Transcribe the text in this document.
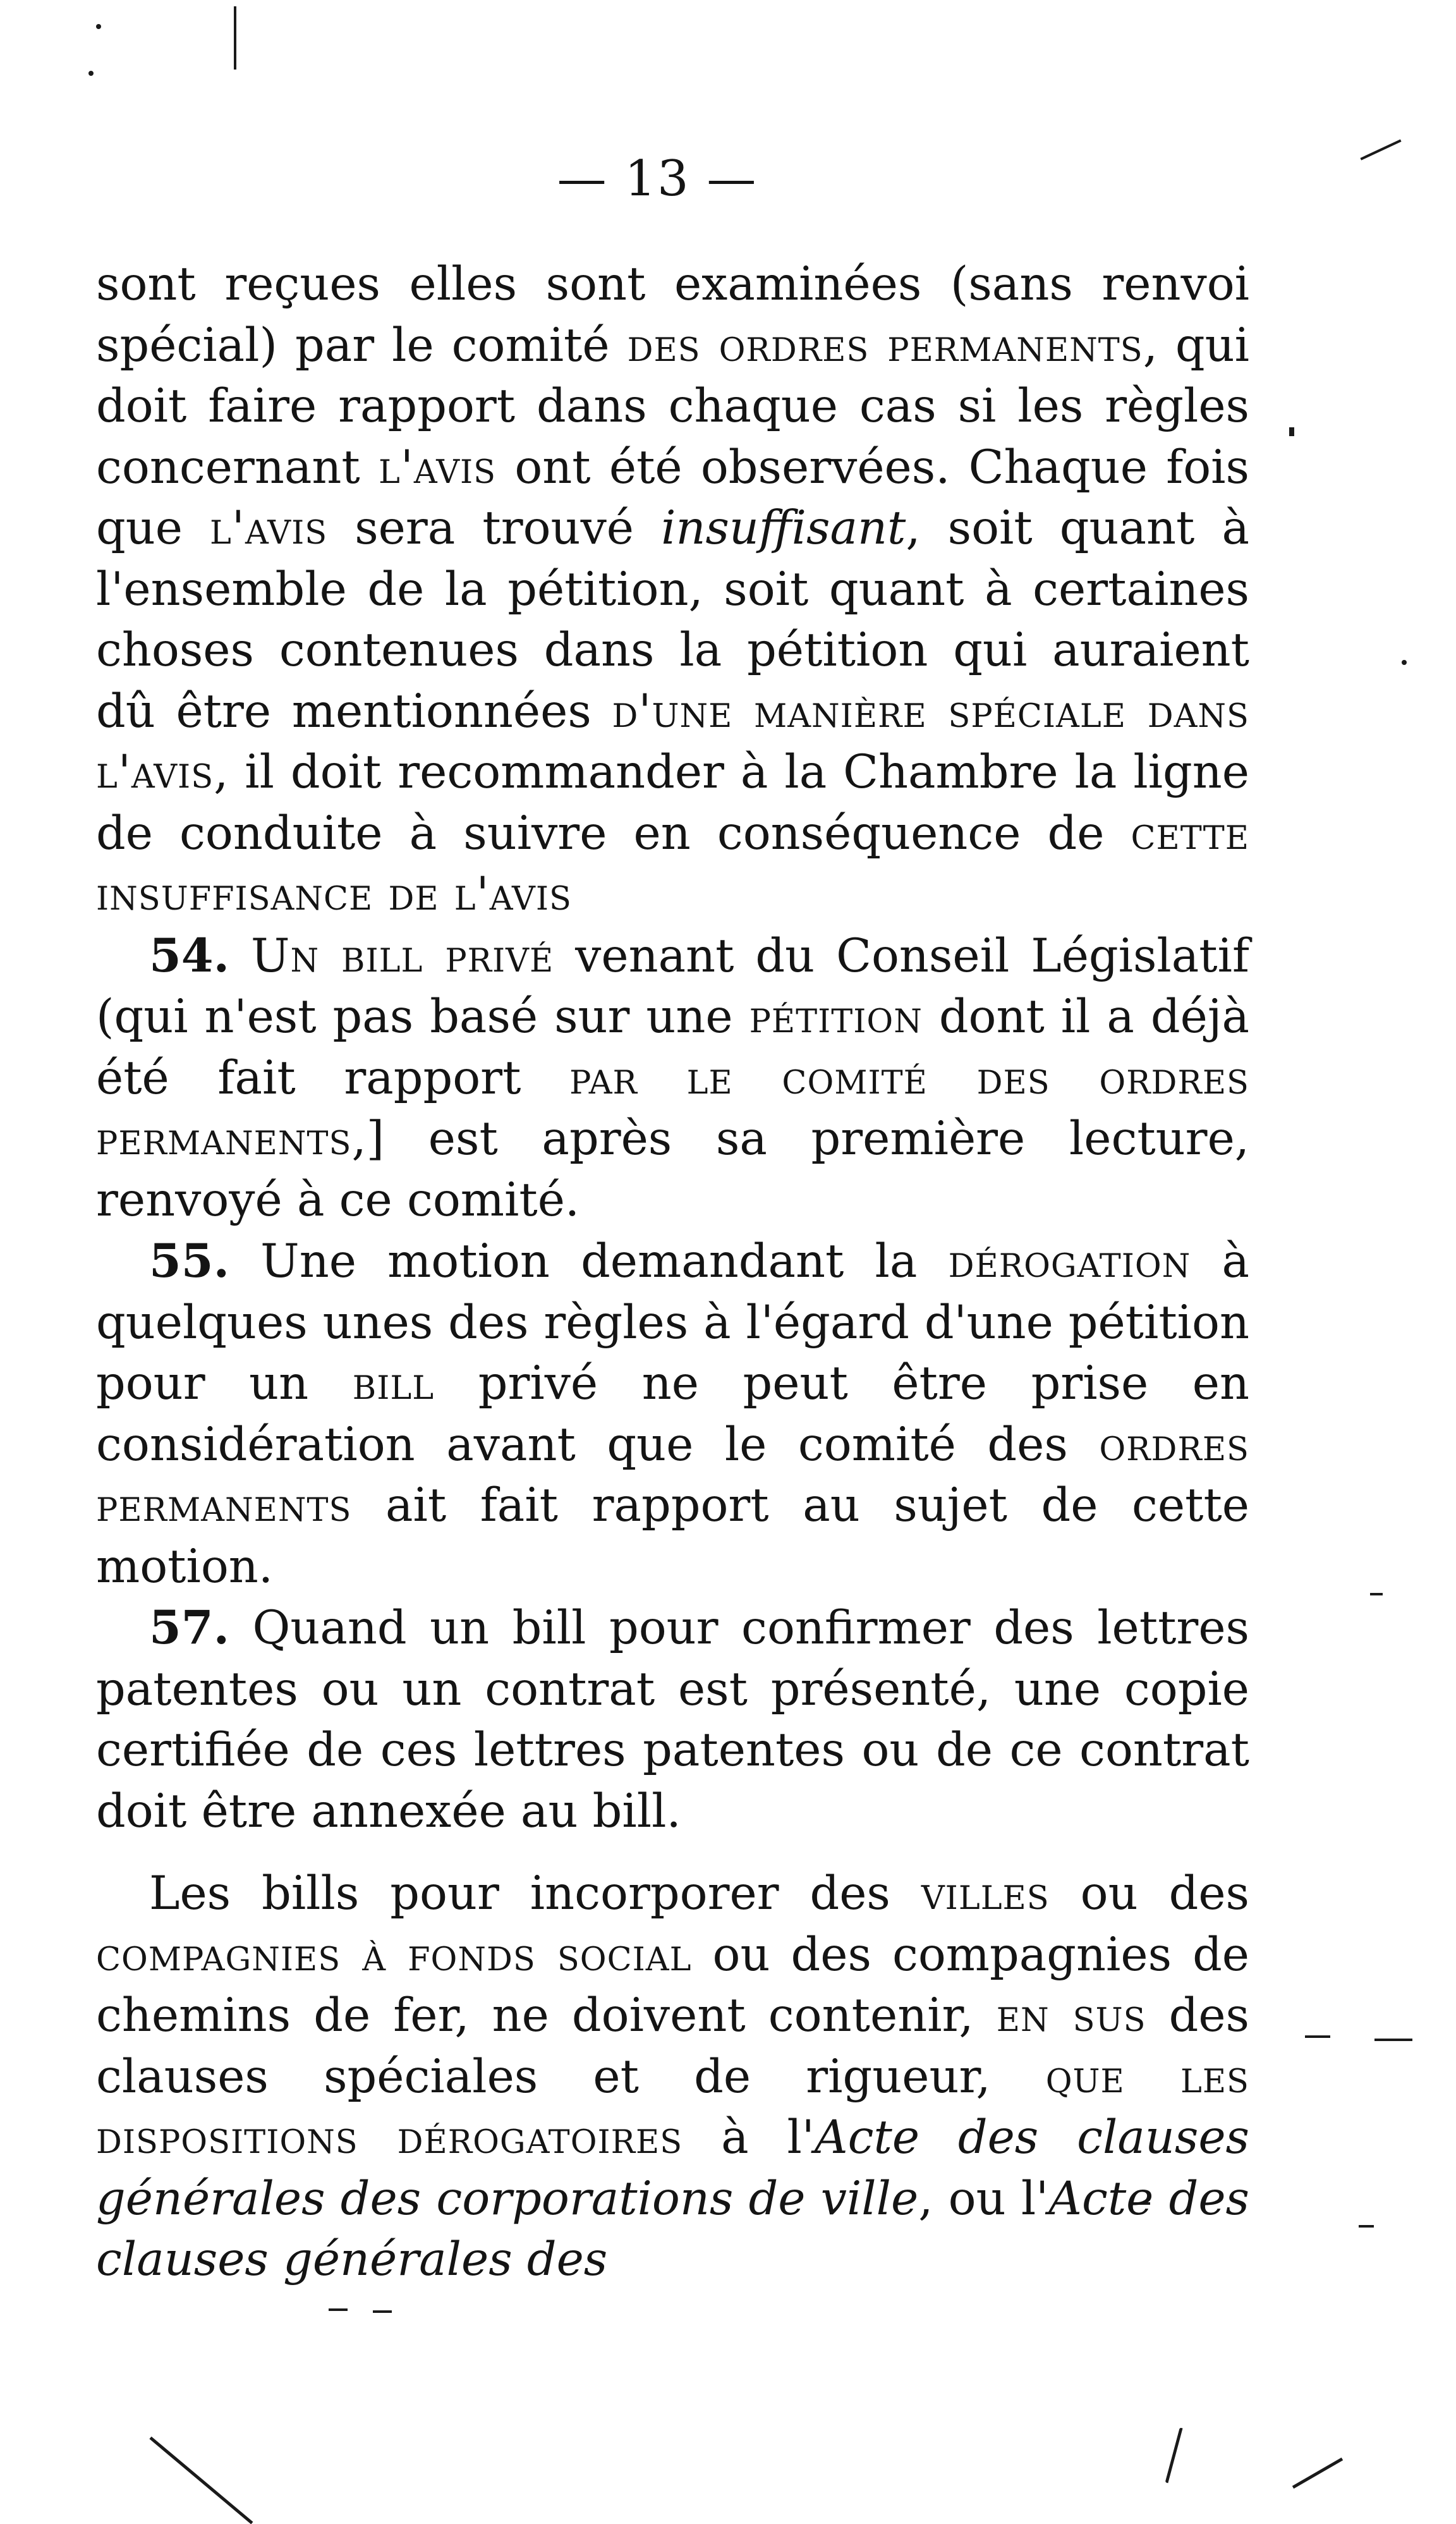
— 13 —

sont reçues elles sont examinées (sans renvoi spécial) par le comité des ordres permanents, qui doit faire rapport dans chaque cas si les règles concernant l'avis ont été observées. Chaque fois que l'avis sera trouvé insuffisant, soit quant à l'ensemble de la pétition, soit quant à certaines choses contenues dans la pétition qui auraient dû être mentionnées d'une manière spéciale dans l'avis, il doit recommander à la Chambre la ligne de conduite à suivre en conséquence de cette insuffisance de l'avis

54. Un bill privé venant du Conseil Législatif (qui n'est pas basé sur une pétition dont il a déjà été fait rapport par le comité des ordres permanents,] est après sa première lecture, renvoyé à ce comité.

55. Une motion demandant la dérogation à quelques unes des règles à l'égard d'une pétition pour un bill privé ne peut être prise en considération avant que le comité des ordres permanents ait fait rapport au sujet de cette motion.

57. Quand un bill pour confirmer des lettres patentes ou un contrat est présenté, une copie certifiée de ces lettres patentes ou de ce contrat doit être annexée au bill.

Les bills pour incorporer des villes ou des compagnies à fonds social ou des compagnies de chemins de fer, ne doivent contenir, en sus des clauses spéciales et de rigueur, que les dispositions dérogatoires à l'Acte des clauses générales des corporations de ville, ou l'Acte des clauses générales des
